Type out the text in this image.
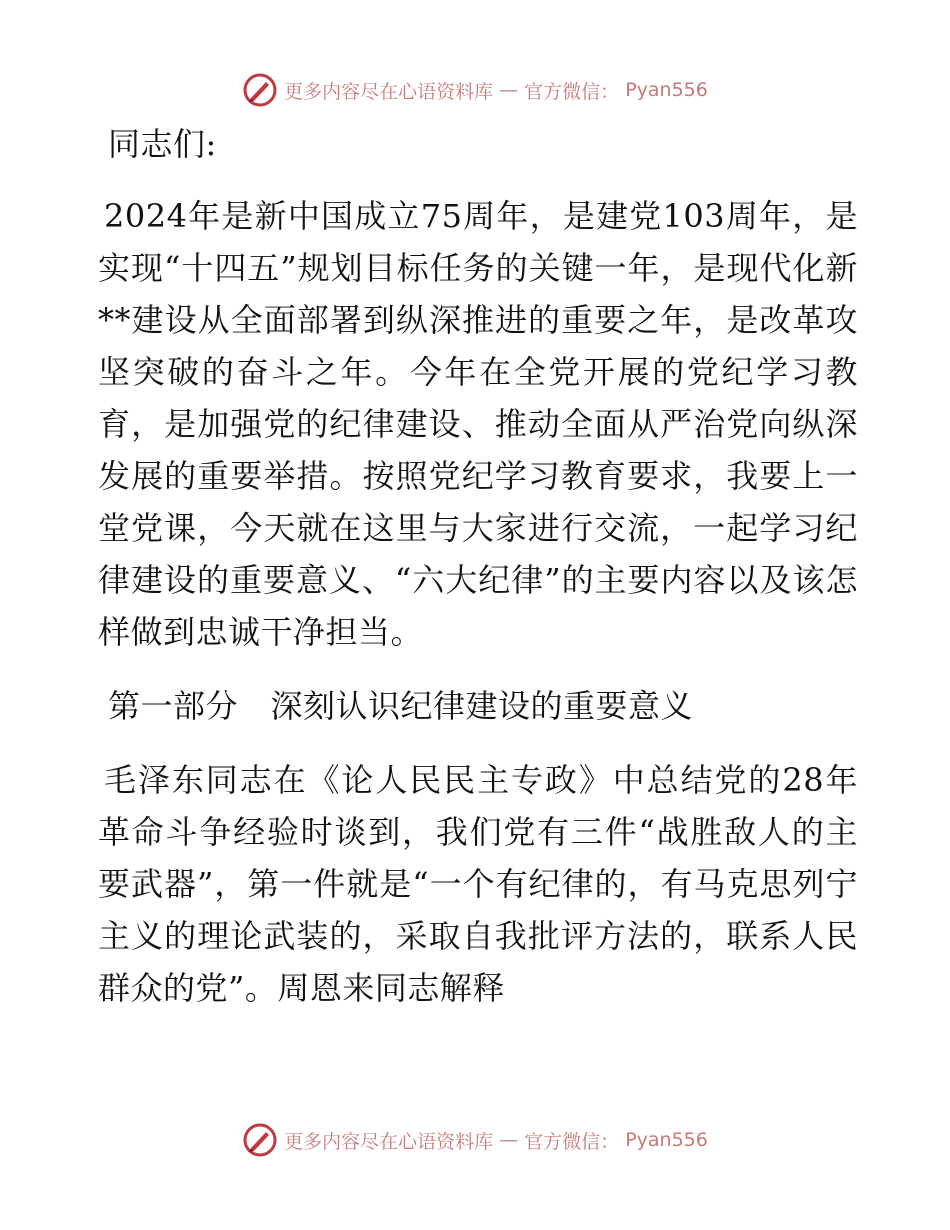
更多内容尽在心语资料库 — 官方微信： Pyan556

同志们:

2024年是新中国成立75周年，是建党103周年，是实现“十四五”规划目标任务的关键一年，是现代化新**建设从全面部署到纵深推进的重要之年，是改革攻坚突破的奋斗之年。今年在全党开展的党纪学习教育，是加强党的纪律建设、推动全面从严治党向纵深发展的重要举措。按照党纪学习教育要求，我要上一堂党课，今天就在这里与大家进行交流，一起学习纪律建设的重要意义、“六大纪律”的主要内容以及该怎样做到忠诚干净担当。

第一部分　深刻认识纪律建设的重要意义

毛泽东同志在《论人民民主专政》中总结党的28年革命斗争经验时谈到，我们党有三件“战胜敌人的主要武器”，第一件就是“一个有纪律的，有马克思列宁主义的理论武装的，采取自我批评方法的，联系人民群众的党”。周恩来同志解释

更多内容尽在心语资料库 — 官方微信： Pyan556
